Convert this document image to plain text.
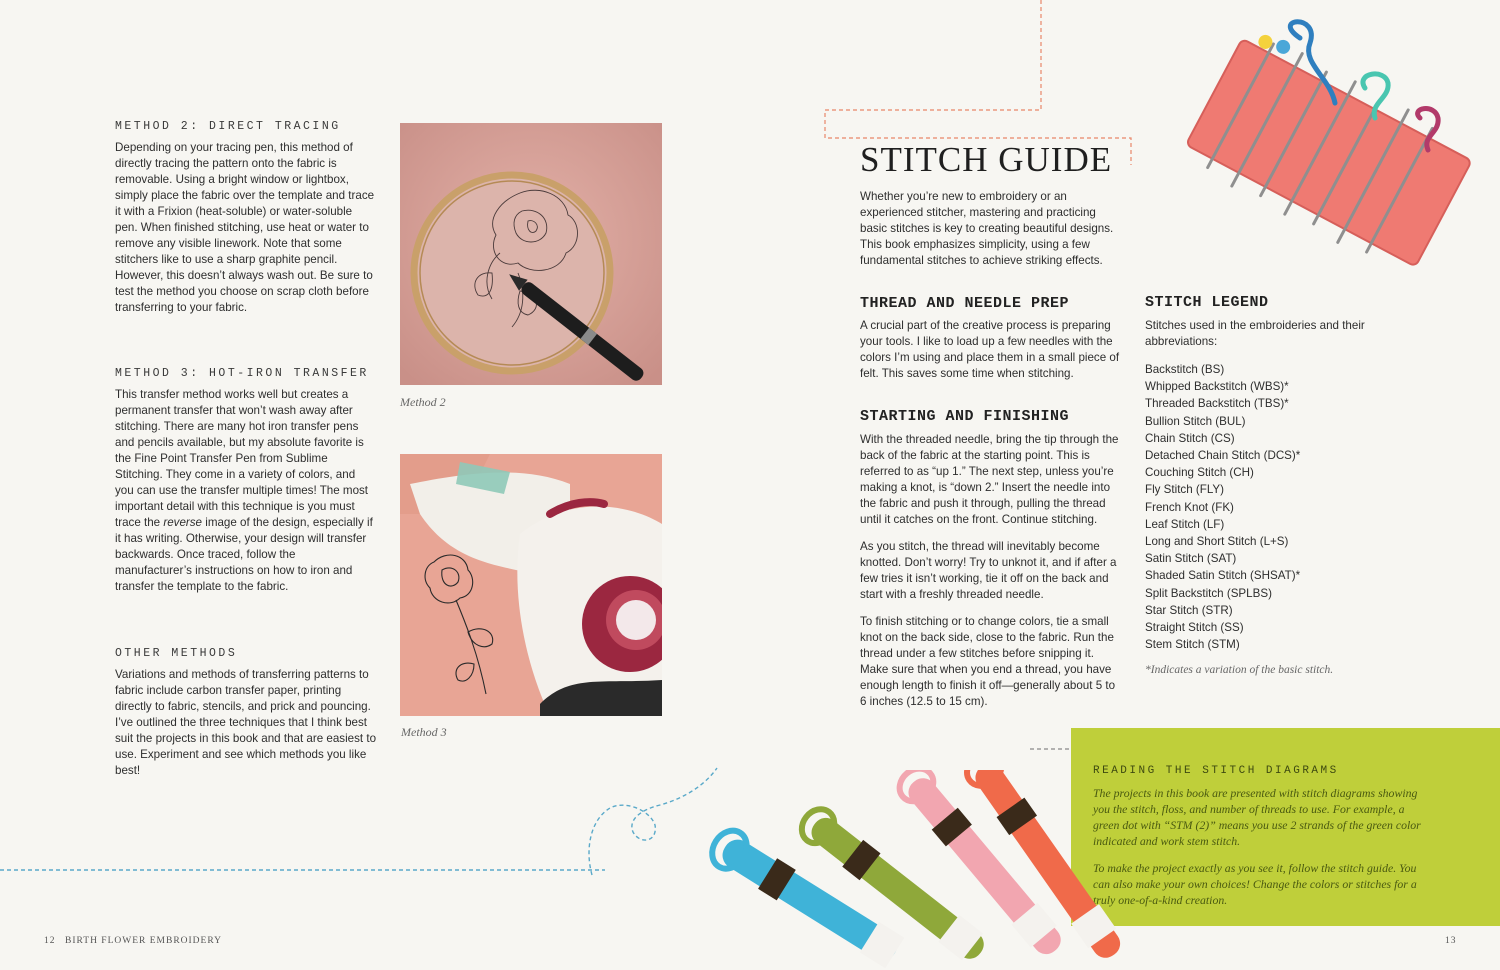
METHOD 2: DIRECT TRACING

Depending on your tracing pen, this method of directly tracing the pattern onto the fabric is removable. Using a bright window or lightbox, simply place the fabric over the template and trace it with a Frixion (heat-soluble) or water-soluble pen. When finished stitching, use heat or water to remove any visible linework. Note that some stitchers like to use a sharp graphite pencil. However, this doesn’t always wash out. Be sure to test the method you choose on scrap cloth before transferring to your fabric.

METHOD 3: HOT-IRON TRANSFER

This transfer method works well but creates a permanent transfer that won’t wash away after stitching. There are many hot iron transfer pens and pencils available, but my absolute favorite is the Fine Point Transfer Pen from Sublime Stitching. They come in a variety of colors, and you can use the transfer multiple times! The most important detail with this technique is you must trace the reverse image of the design, especially if it has writing. Otherwise, your design will transfer backwards. Once traced, follow the manufacturer’s instructions on how to iron and transfer the template to the fabric.

OTHER METHODS

Variations and methods of transferring patterns to fabric include carbon transfer paper, printing directly to fabric, stencils, and prick and pouncing. I’ve outlined the three techniques that I think best suit the projects in this book and that are easiest to use. Experiment and see which methods you like best!

Method 2
Method 3
12 BIRTH FLOWER EMBROIDERY
STITCH GUIDE

Whether you’re new to embroidery or an experienced stitcher, mastering and practicing basic stitches is key to creating beautiful designs. This book emphasizes simplicity, using a few fundamental stitches to achieve striking effects.

THREAD AND NEEDLE PREP

A crucial part of the creative process is preparing your tools. I like to load up a few needles with the colors I’m using and place them in a small piece of felt. This saves some time when stitching.

STARTING AND FINISHING

With the threaded needle, bring the tip through the back of the fabric at the starting point. This is referred to as “up 1.” The next step, unless you’re making a knot, is “down 2.” Insert the needle into the fabric and push it through, pulling the thread until it catches on the front. Continue stitching.

As you stitch, the thread will inevitably become knotted. Don’t worry! Try to unknot it, and if after a few tries it isn’t working, tie it off on the back and start with a freshly threaded needle.

To finish stitching or to change colors, tie a small knot on the back side, close to the fabric. Run the thread under a few stitches before snipping it. Make sure that when you end a thread, you have enough length to finish it off—generally about 5 to 6 inches (12.5 to 15 cm).

STITCH LEGEND

Stitches used in the embroideries and their abbreviations:

Backstitch (BS)
Whipped Backstitch (WBS)*
Threaded Backstitch (TBS)*
Bullion Stitch (BUL)
Chain Stitch (CS)
Detached Chain Stitch (DCS)*
Couching Stitch (CH)
Fly Stitch (FLY)
French Knot (FK)
Leaf Stitch (LF)
Long and Short Stitch (L+S)
Satin Stitch (SAT)
Shaded Satin Stitch (SHSAT)*
Split Backstitch (SPLBS)
Star Stitch (STR)
Straight Stitch (SS)
Stem Stitch (STM)
*Indicates a variation of the basic stitch.
READING THE STITCH DIAGRAMS

The projects in this book are presented with stitch diagrams showing you the stitch, floss, and number of threads to use. For example, a green dot with “STM (2)” means you use 2 strands of the green color indicated and work stem stitch.

To make the project exactly as you see it, follow the stitch guide. You can also make your own choices! Change the colors or stitches for a truly one-of-a-kind creation.

13
